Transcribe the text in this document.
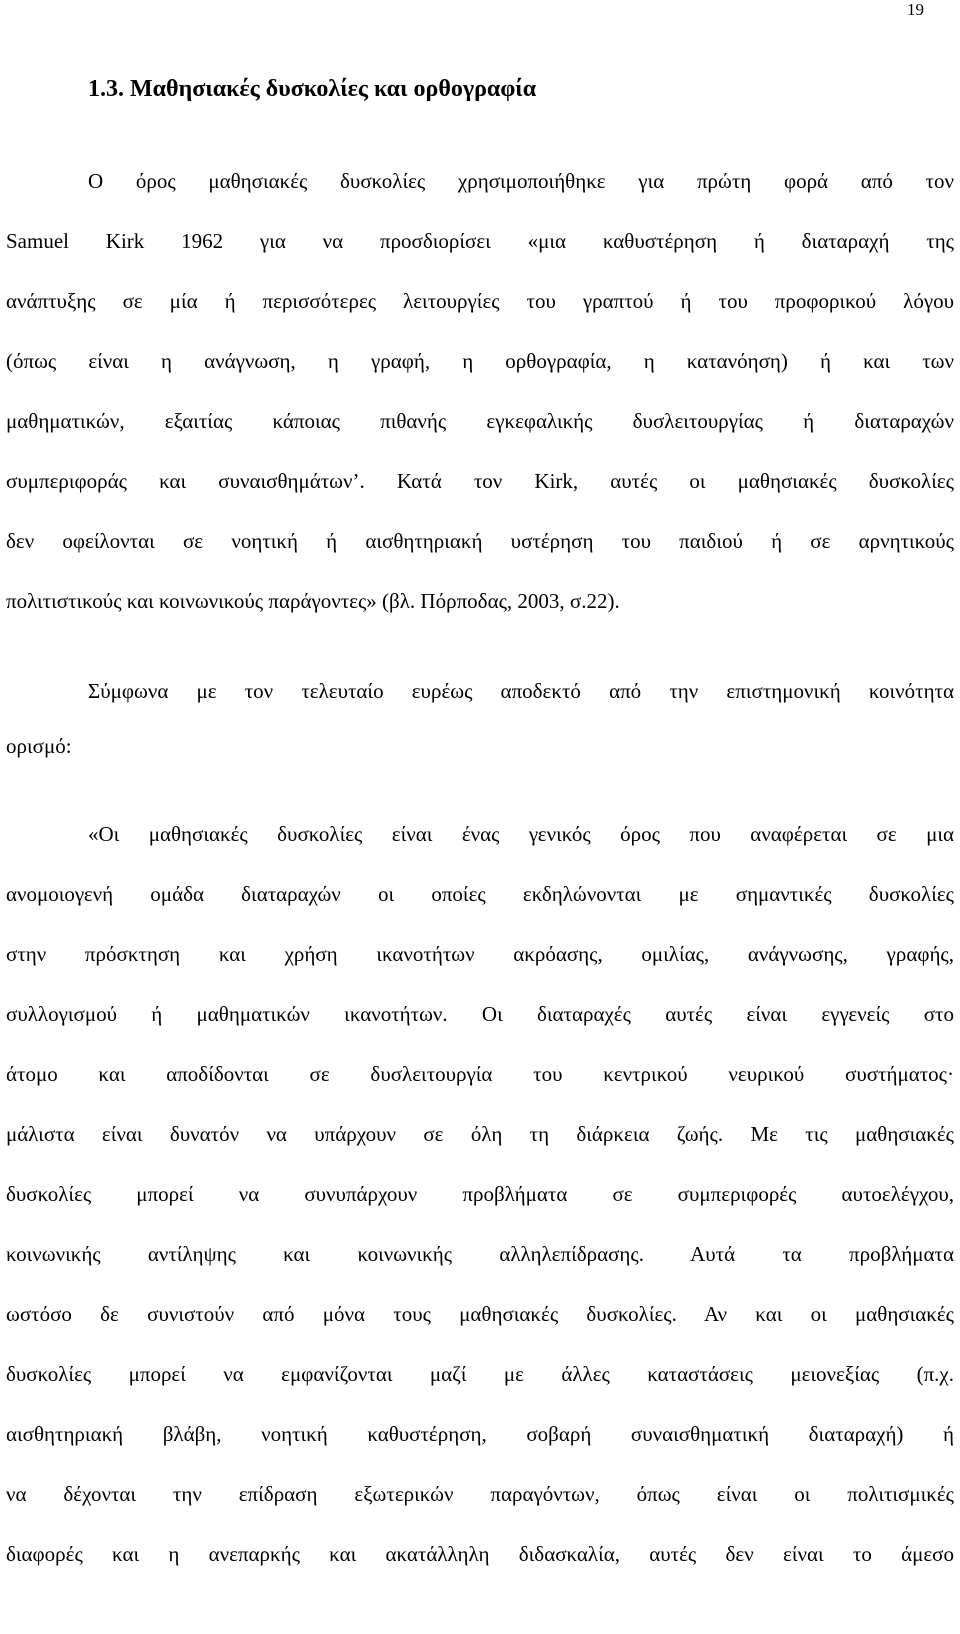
19
1.3. Μαθησιακές δυσκολίες και ορθογραφία
Ο όρος μαθησιακές δυσκολίες χρησιμοποιήθηκε για πρώτη φορά από τον
Samuel Kirk 1962 για να προσδιορίσει «μια καθυστέρηση ή διαταραχή της
ανάπτυξης σε μία ή περισσότερες λειτουργίες του γραπτού ή του προφορικού λόγου
(όπως είναι η ανάγνωση, η γραφή, η ορθογραφία, η κατανόηση) ή και των
μαθηματικών, εξαιτίας κάποιας πιθανής εγκεφαλικής δυσλειτουργίας ή διαταραχών
συμπεριφοράς και συναισθημάτων’. Κατά τον Kirk, αυτές οι μαθησιακές δυσκολίες
δεν οφείλονται σε νοητική ή αισθητηριακή υστέρηση του παιδιού ή σε αρνητικούς
πολιτιστικούς και κοινωνικούς παράγοντες» (βλ. Πόρποδας, 2003, σ.22).
Σύμφωνα με τον τελευταίο ευρέως αποδεκτό από την επιστημονική κοινότητα
ορισμό:
«Οι μαθησιακές δυσκολίες είναι ένας γενικός όρος που αναφέρεται σε μια
ανομοιογενή ομάδα διαταραχών οι οποίες εκδηλώνονται με σημαντικές δυσκολίες
στην πρόσκτηση και χρήση ικανοτήτων ακρόασης, ομιλίας, ανάγνωσης, γραφής,
συλλογισμού ή μαθηματικών ικανοτήτων. Οι διαταραχές αυτές είναι εγγενείς στο
άτομο και αποδίδονται σε δυσλειτουργία του κεντρικού νευρικού συστήματος·
μάλιστα είναι δυνατόν να υπάρχουν σε όλη τη διάρκεια ζωής. Με τις μαθησιακές
δυσκολίες μπορεί να συνυπάρχουν προβλήματα σε συμπεριφορές αυτοελέγχου,
κοινωνικής αντίληψης και κοινωνικής αλληλεπίδρασης. Αυτά τα προβλήματα
ωστόσο δε συνιστούν από μόνα τους μαθησιακές δυσκολίες. Αν και οι μαθησιακές
δυσκολίες μπορεί να εμφανίζονται μαζί με άλλες καταστάσεις μειονεξίας (π.χ.
αισθητηριακή βλάβη, νοητική καθυστέρηση, σοβαρή συναισθηματική διαταραχή) ή
να δέχονται την επίδραση εξωτερικών παραγόντων, όπως είναι οι πολιτισμικές
διαφορές και η ανεπαρκής και ακατάλληλη διδασκαλία, αυτές δεν είναι το άμεσο
